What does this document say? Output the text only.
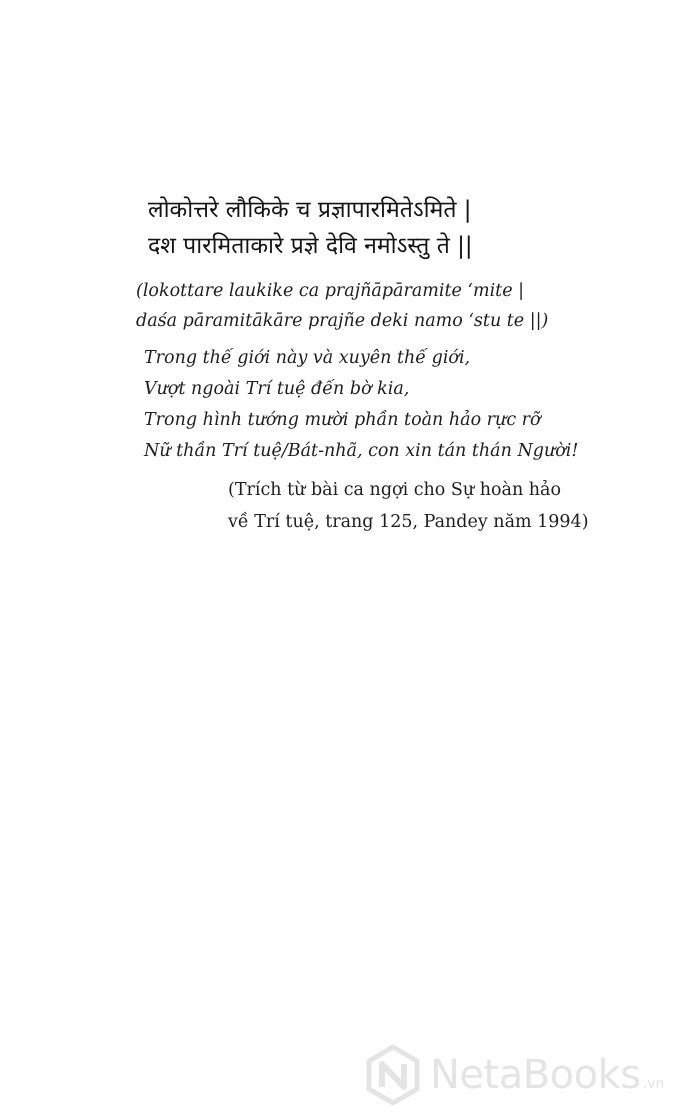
लोकोत्तरे लौकिके च प्रज्ञापारमितेऽमिते |
दश पारमिताकारे प्रज्ञे देवि नमोऽस्तु ते ||
(lokottare laukike ca prajñāpāramite ‘mite |
daśa pāramitākāre prajñe deki namo ‘stu te ||)
Trong thế giới này và xuyên thế giới,
Vượt ngoài Trí tuệ đến bờ kia,
Trong hình tướng mười phần toàn hảo rực rỡ
Nữ thần Trí tuệ/Bát-nhã, con xin tán thán Người!
(Trích từ bài ca ngợi cho Sự hoàn hảo
về Trí tuệ, trang 125, Pandey năm 1994)
NetaBooks .vn
